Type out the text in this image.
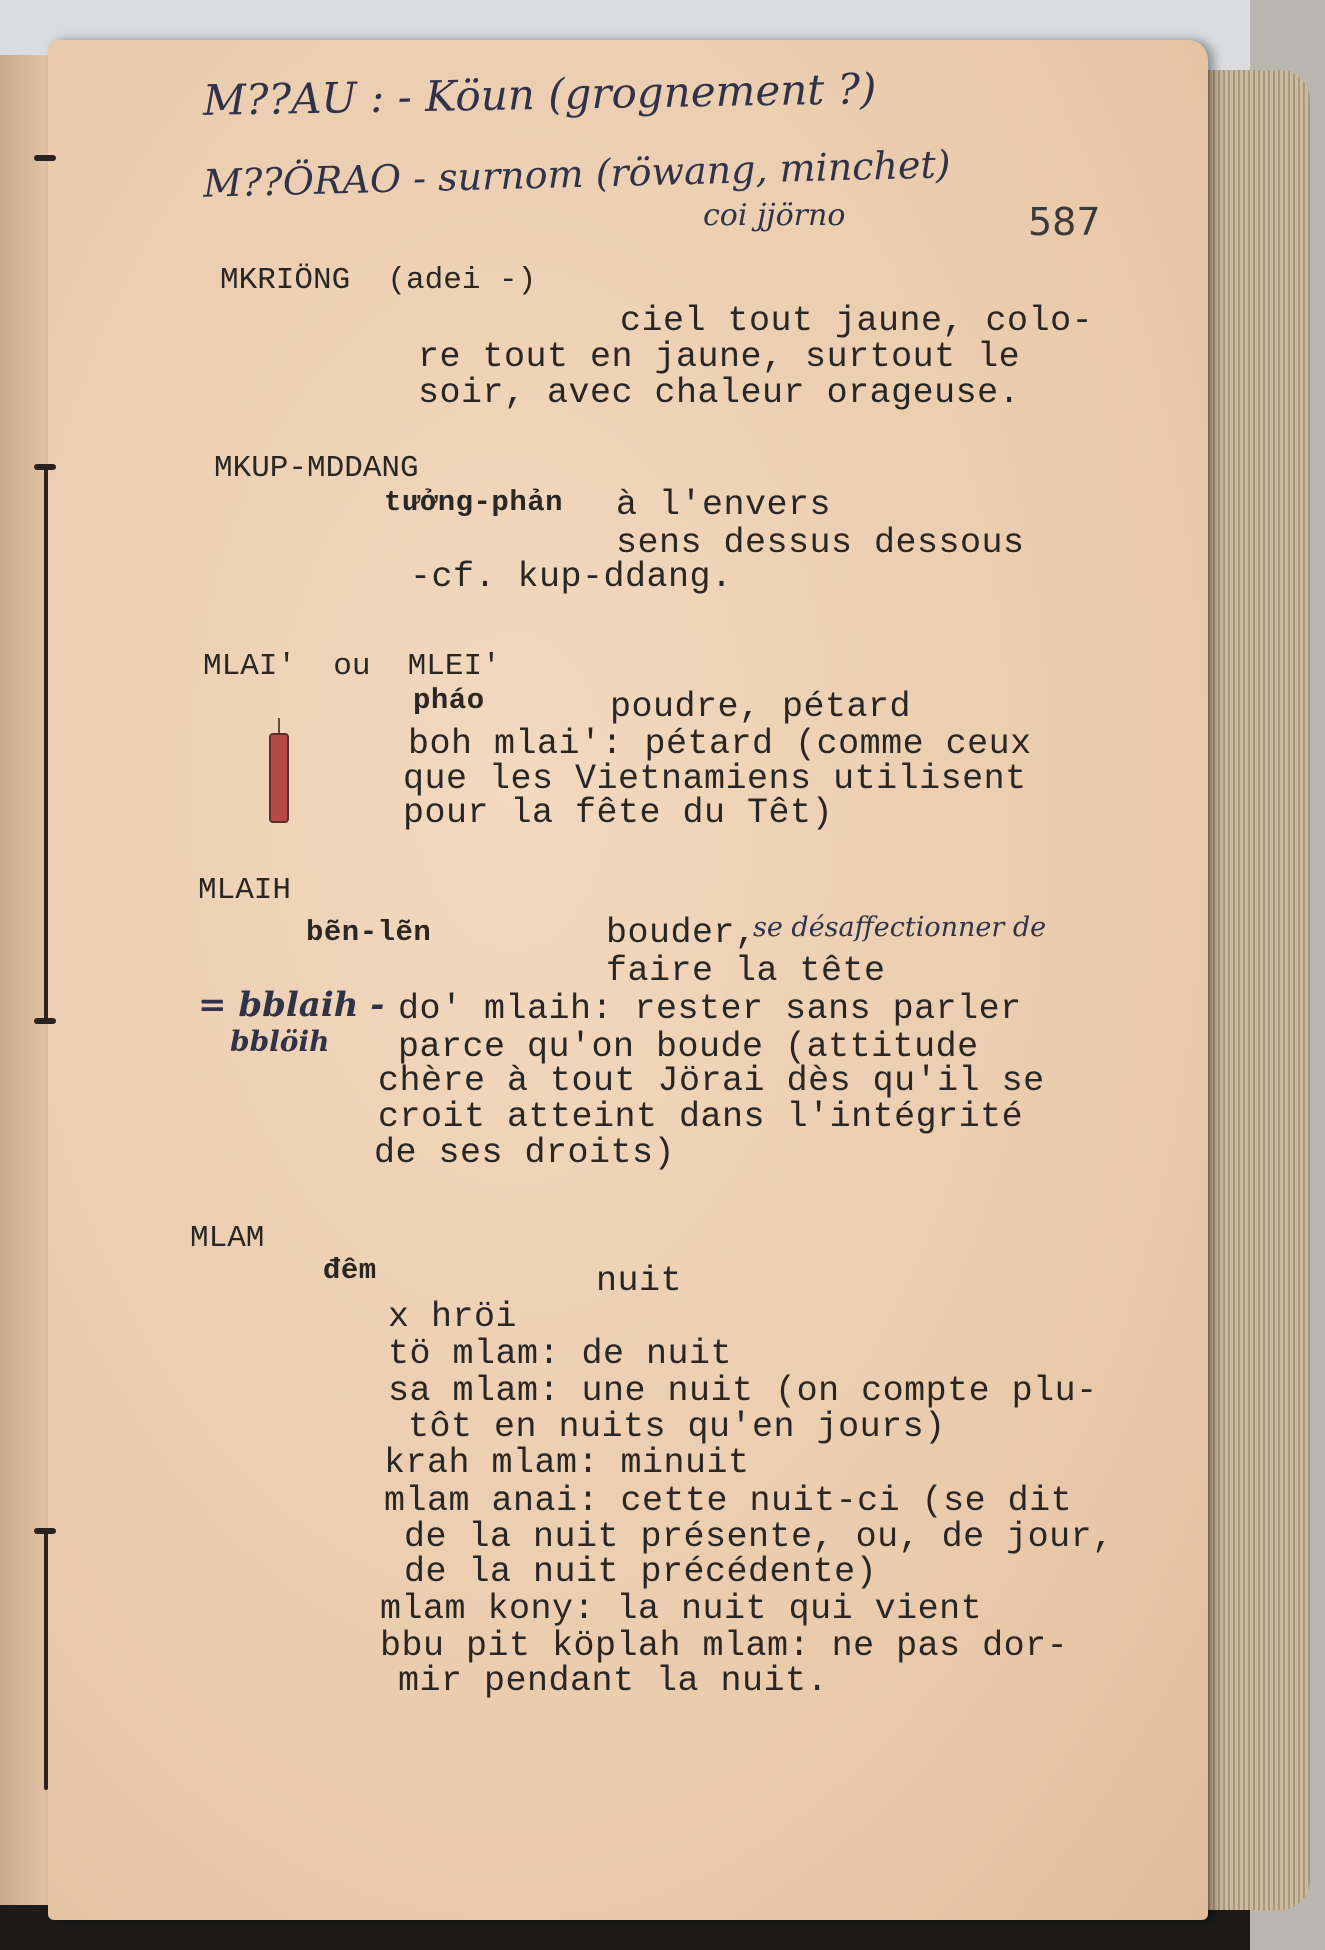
M??AU : - Köun (grognement ?)
M??ÖRAO - surnom (röwang, minchet)
coi jjörno	587
MKRIÖNG  (adei -)
ciel tout jaune, colo-
re tout en jaune, surtout le
soir, avec chaleur orageuse.
MKUP-MDDANG
tưởng-phản à l'envers
sens dessus dessous
-cf. kup-ddang.
MLAI'  ou  MLEI'
pháo	poudre, pétard
boh mlai': pétard (comme ceux
que les Vietnamiens utilisent
pour la fête du Têt)
MLAIH
bẽn-lẽn	bouder,
se désaffectionner de
faire la tête
= bblaih -
bblöih
do' mlaih: rester sans parler
parce qu'on boude (attitude
chère à tout Jörai dès qu'il se
croit atteint dans l'intégrité
de ses droits)
MLAM
đêm	nuit
x hröi
tö mlam: de nuit
sa mlam: une nuit (on compte plu-
tôt en nuits qu'en jours)
krah mlam: minuit
mlam anai: cette nuit-ci (se dit
de la nuit présente, ou, de jour,
de la nuit précédente)
mlam kony: la nuit qui vient
bbu pit köplah mlam: ne pas dor-
mir pendant la nuit.
